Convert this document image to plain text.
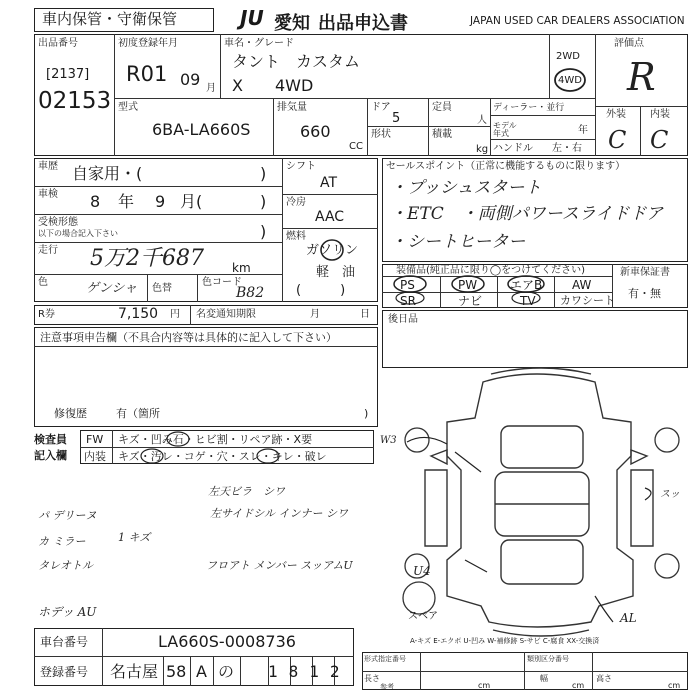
車内保管・守衛保管	JU 愛知 出品申込書	JAPAN USED CAR DEALERS ASSOCIATION
出品番号
[2137]
02153
初度登録年月
R01 09 月
車名・グレード
タント　カスタム
X　　4WD
2WD
4WD
評価点
R
外装 内装
C C
型式
6BA-LA660S
排気量
660
CC
ドア
5
形状
定員
人
積載
kg
ディーラー・並行
モデル年式	年
ハンドル 左・右
車歴 自家用・(	)
車検 8 年 9 月(	)
受検形態
以下の場合記入下さい	)
走行 5万2千687 km
色	ゲンシャ 色替
色コード
B82
シフト
AT
冷房
AAC
燃料
ガソリン
軽　油
(　　　)
セールスポイント（正常に機能するものに限ります）
・プッシュスタート
・ETC　・両側パワースライドドア
・シートヒーター
装備品(純正品に限り◯をつけてください)
PS	PW	エアB AW
SR	ナビ	TV カワシート
新車保証書
有・無
R券	7,150 円 名変通知期限	月	日 後日品
注意事項申告欄（不具合内容等は具体的に記入して下さい）
修復歴	有（箇所	)
検査員
記入欄
FW キズ・凹み石・ヒビ割・リペア跡・X要
内装 キズ・汚レ・コゲ・穴・スレ・キレ・破レ
左天ビラ　シワ
パ デリーヌ	左サイドシル インナー シワ
カ ミラー	1 キズ
タレオトル	フロアト メンバー スッアムU
ホデッ AU
W3
U4
スッ
スペア	AL
A-キズ E-エクボ U-凹み W-補修跡 S-サビ C-腐食 XX-交換済
車台番号	LA660S-0008736
登録番号 名古屋 58 A の 1812
形式指定番号	類別区分番号
長さ
cm
参考
幅
cm
高さ
cm
